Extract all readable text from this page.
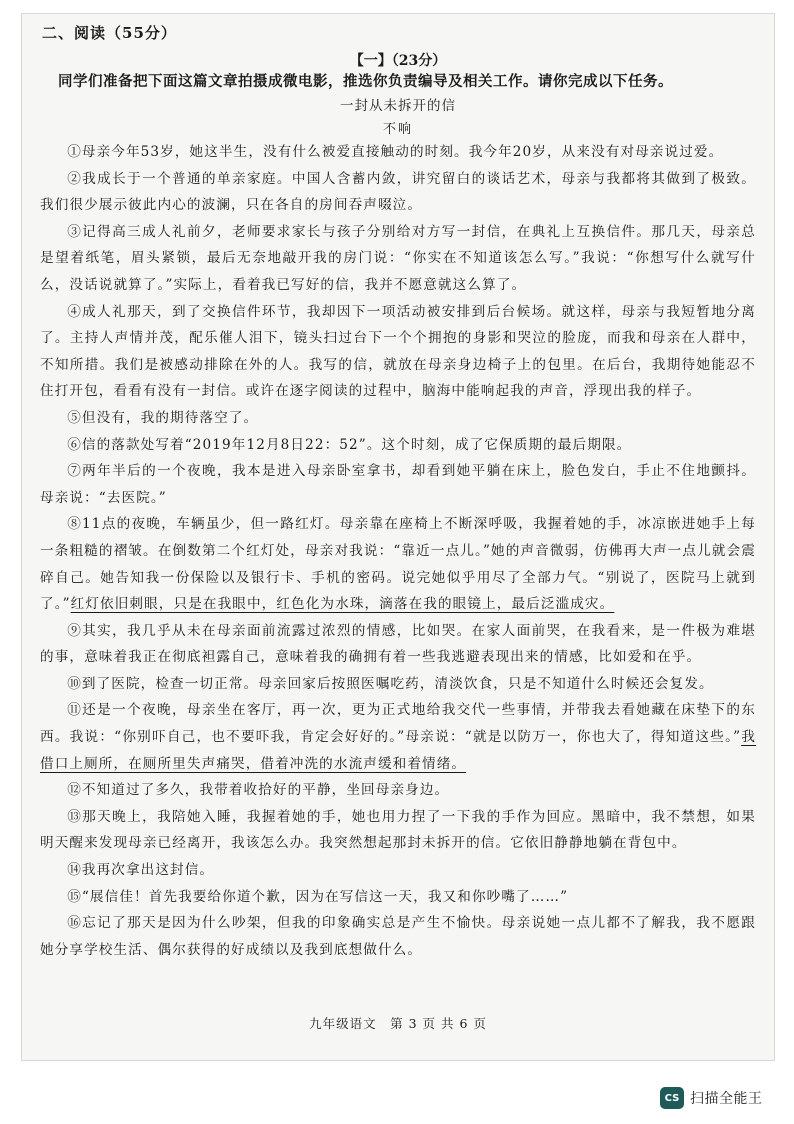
二、阅读（55分）
【一】（23分）
同学们准备把下面这篇文章拍摄成微电影，推选你负责编导及相关工作。请你完成以下任务。
一封从未拆开的信
不响

①母亲今年53岁，她这半生，没有什么被爱直接触动的时刻。我今年20岁，从来没有对母亲说过爱。

②我成长于一个普通的单亲家庭。中国人含蓄内敛，讲究留白的谈话艺术，母亲与我都将其做到了极致。我们很少展示彼此内心的波澜，只在各自的房间吞声啜泣。

③记得高三成人礼前夕，老师要求家长与孩子分别给对方写一封信，在典礼上互换信件。那几天，母亲总是望着纸笔，眉头紧锁，最后无奈地敲开我的房门说：“你实在不知道该怎么写。”我说：“你想写什么就写什么，没话说就算了。”实际上，看着我已写好的信，我并不愿意就这么算了。

④成人礼那天，到了交换信件环节，我却因下一项活动被安排到后台候场。就这样，母亲与我短暂地分离了。主持人声情并茂，配乐催人泪下，镜头扫过台下一个个拥抱的身影和哭泣的脸庞，而我和母亲在人群中，不知所措。我们是被感动排除在外的人。我写的信，就放在母亲身边椅子上的包里。在后台，我期待她能忍不住打开包，看看有没有一封信。或许在逐字阅读的过程中，脑海中能响起我的声音，浮现出我的样子。

⑤但没有，我的期待落空了。

⑥信的落款处写着“2019年12月8日22：52”。这个时刻，成了它保质期的最后期限。

⑦两年半后的一个夜晚，我本是进入母亲卧室拿书，却看到她平躺在床上，脸色发白，手止不住地颤抖。母亲说：“去医院。”

⑧11点的夜晚，车辆虽少，但一路红灯。母亲靠在座椅上不断深呼吸，我握着她的手，冰凉嵌进她手上每一条粗糙的褶皱。在倒数第二个红灯处，母亲对我说：“靠近一点儿。”她的声音微弱，仿佛再大声一点儿就会震碎自己。她告知我一份保险以及银行卡、手机的密码。说完她似乎用尽了全部力气。“别说了，医院马上就到了。”红灯依旧刺眼，只是在我眼中，红色化为水珠，滴落在我的眼镜上，最后泛滥成灾。

⑨其实，我几乎从未在母亲面前流露过浓烈的情感，比如哭。在家人面前哭，在我看来，是一件极为难堪的事，意味着我正在彻底袒露自己，意味着我的确拥有着一些我逃避表现出来的情感，比如爱和在乎。

⑩到了医院，检查一切正常。母亲回家后按照医嘱吃药，清淡饮食，只是不知道什么时候还会复发。

⑪还是一个夜晚，母亲坐在客厅，再一次，更为正式地给我交代一些事情，并带我去看她藏在床垫下的东西。我说：“你别吓自己，也不要吓我，肯定会好好的。”母亲说：“就是以防万一，你也大了，得知道这些。”我借口上厕所，在厕所里失声痛哭，借着冲洗的水流声缓和着情绪。

⑫不知道过了多久，我带着收拾好的平静，坐回母亲身边。

⑬那天晚上，我陪她入睡，我握着她的手，她也用力捏了一下我的手作为回应。黑暗中，我不禁想，如果明天醒来发现母亲已经离开，我该怎么办。我突然想起那封未拆开的信。它依旧静静地躺在背包中。

⑭我再次拿出这封信。

⑮“展信佳！首先我要给你道个歉，因为在写信这一天，我又和你吵嘴了……”

⑯忘记了那天是因为什么吵架，但我的印象确实总是产生不愉快。母亲说她一点儿都不了解我，我不愿跟她分享学校生活、偶尔获得的好成绩以及我到底想做什么。

九年级语文　第 3 页 共 6 页
CS 扫描全能王
